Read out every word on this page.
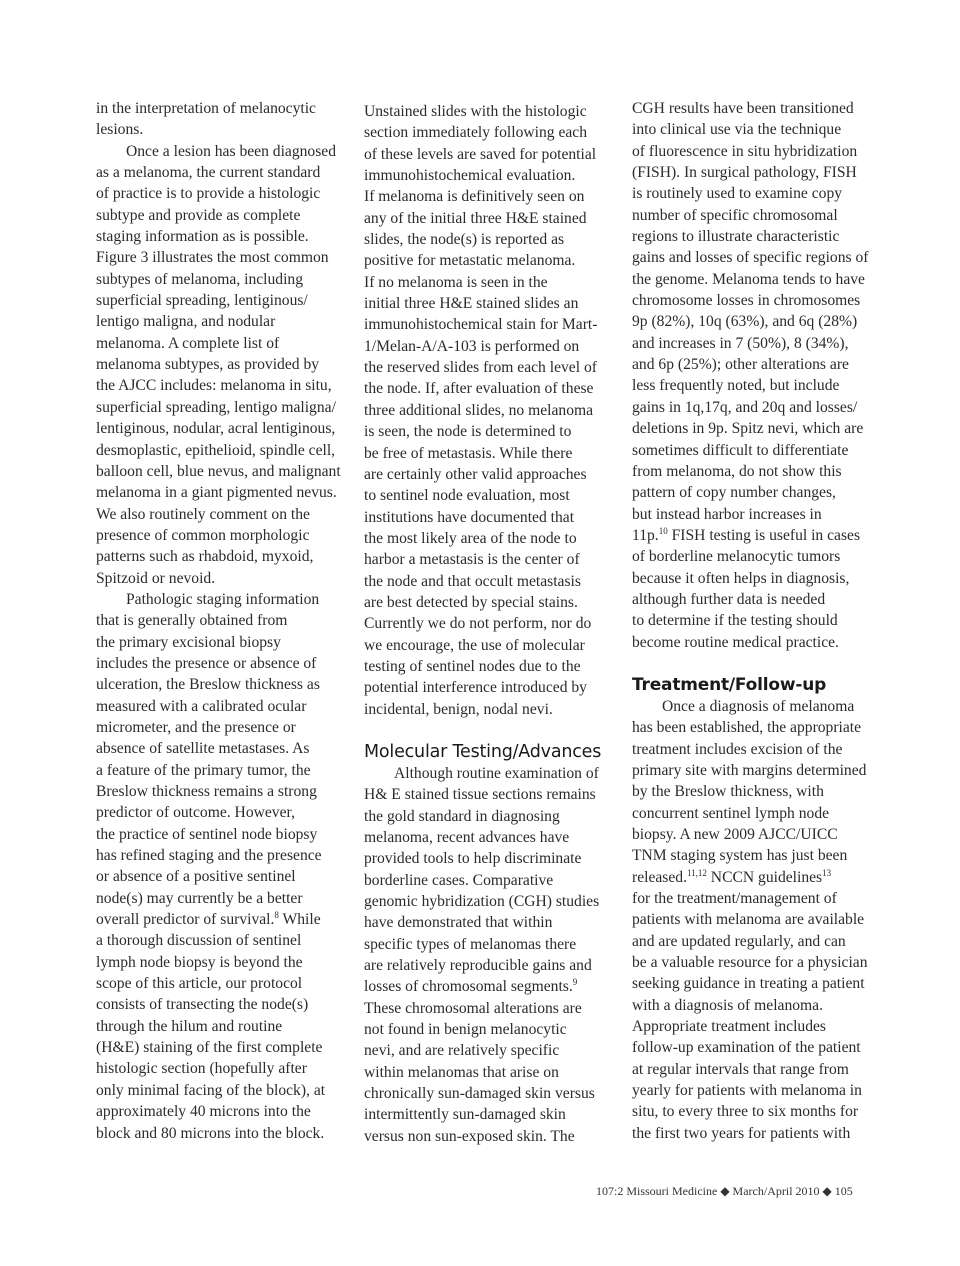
in the interpretation of melanocytic
lesions.
Once a lesion has been diagnosed
as a melanoma, the current standard
of practice is to provide a histologic
subtype and provide as complete
staging information as is possible.
Figure 3 illustrates the most common
subtypes of melanoma, including
superficial spreading, lentiginous/
lentigo maligna, and nodular
melanoma. A complete list of
melanoma subtypes, as provided by
the AJCC includes: melanoma in situ,
superficial spreading, lentigo maligna/
lentiginous, nodular, acral lentiginous,
desmoplastic, epithelioid, spindle cell,
balloon cell, blue nevus, and malignant
melanoma in a giant pigmented nevus.
We also routinely comment on the
presence of common morphologic
patterns such as rhabdoid, myxoid,
Spitzoid or nevoid.
Pathologic staging information
that is generally obtained from
the primary excisional biopsy
includes the presence or absence of
ulceration, the Breslow thickness as
measured with a calibrated ocular
micrometer, and the presence or
absence of satellite metastases. As
a feature of the primary tumor, the
Breslow thickness remains a strong
predictor of outcome. However,
the practice of sentinel node biopsy
has refined staging and the presence
or absence of a positive sentinel
node(s) may currently be a better
overall predictor of survival.$^8$ While
a thorough discussion of sentinel
lymph node biopsy is beyond the
scope of this article, our protocol
consists of transecting the node(s)
through the hilum and routine
(H&E) staining of the first complete
histologic section (hopefully after
only minimal facing of the block), at
approximately 40 microns into the
block and 80 microns into the block.
Unstained slides with the histologic
section immediately following each
of these levels are saved for potential
immunohistochemical evaluation.
If melanoma is definitively seen on
any of the initial three H&E stained
slides, the node(s) is reported as
positive for metastatic melanoma.
If no melanoma is seen in the
initial three H&E stained slides an
immunohistochemical stain for Mart-
1/Melan-A/A-103 is performed on
the reserved slides from each level of
the node. If, after evaluation of these
three additional slides, no melanoma
is seen, the node is determined to
be free of metastasis. While there
are certainly other valid approaches
to sentinel node evaluation, most
institutions have documented that
the most likely area of the node to
harbor a metastasis is the center of
the node and that occult metastasis
are best detected by special stains.
Currently we do not perform, nor do
we encourage, the use of molecular
testing of sentinel nodes due to the
potential interference introduced by
incidental, benign, nodal nevi.
Molecular Testing/Advances
Although routine examination of
H& E stained tissue sections remains
the gold standard in diagnosing
melanoma, recent advances have
provided tools to help discriminate
borderline cases. Comparative
genomic hybridization (CGH) studies
have demonstrated that within
specific types of melanomas there
are relatively reproducible gains and
losses of chromosomal segments.$^9$
These chromosomal alterations are
not found in benign melanocytic
nevi, and are relatively specific
within melanomas that arise on
chronically sun-damaged skin versus
intermittently sun-damaged skin
versus non sun-exposed skin. The
CGH results have been transitioned
into clinical use via the technique
of fluorescence in situ hybridization
(FISH). In surgical pathology, FISH
is routinely used to examine copy
number of specific chromosomal
regions to illustrate characteristic
gains and losses of specific regions of
the genome. Melanoma tends to have
chromosome losses in chromosomes
9p (82%), 10q (63%), and 6q (28%)
and increases in 7 (50%), 8 (34%),
and 6p (25%); other alterations are
less frequently noted, but include
gains in 1q,17q, and 20q and losses/
deletions in 9p. Spitz nevi, which are
sometimes difficult to differentiate
from melanoma, do not show this
pattern of copy number changes,
but instead harbor increases in
11p.$^{10}$ FISH testing is useful in cases
of borderline melanocytic tumors
because it often helps in diagnosis,
although further data is needed
to determine if the testing should
become routine medical practice.
Treatment/Follow-up
Once a diagnosis of melanoma
has been established, the appropriate
treatment includes excision of the
primary site with margins determined
by the Breslow thickness, with
concurrent sentinel lymph node
biopsy. A new 2009 AJCC/UICC
TNM staging system has just been
released.$^{11,12}$ NCCN guidelines$^{13}$
for the treatment/management of
patients with melanoma are available
and are updated regularly, and can
be a valuable resource for a physician
seeking guidance in treating a patient
with a diagnosis of melanoma.
Appropriate treatment includes
follow-up examination of the patient
at regular intervals that range from
yearly for patients with melanoma in
situ, to every three to six months for
the first two years for patients with
107:2 Missouri Medicine ◆ March/April 2010 ◆ 105
